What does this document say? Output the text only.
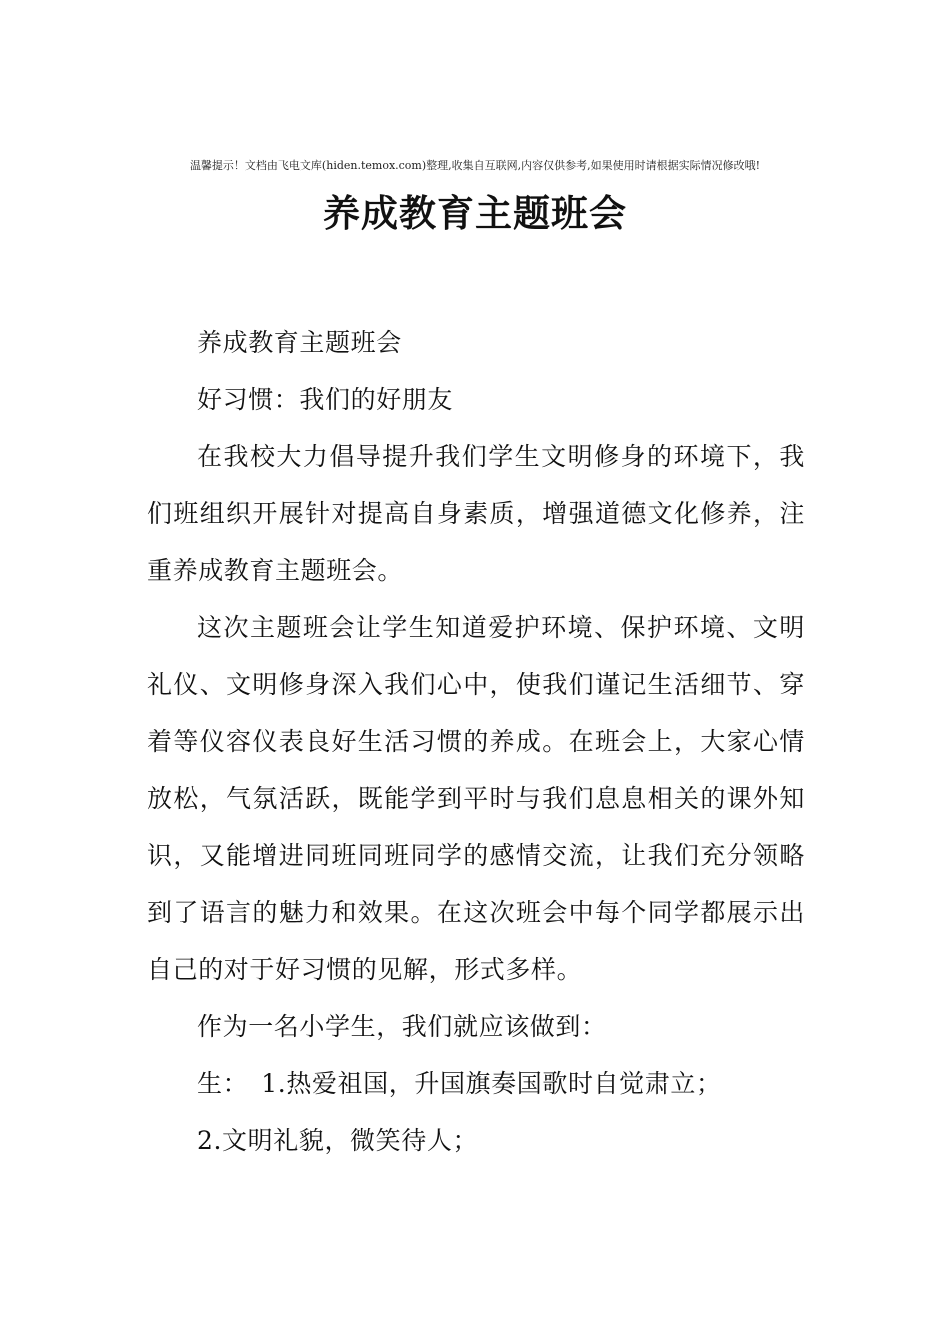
温馨提示！文档由飞电文库(hiden.temox.com)整理,收集自互联网,内容仅供参考,如果使用时请根据实际情况修改哦!
养成教育主题班会

养成教育主题班会

好习惯：我们的好朋友

在我校大力倡导提升我们学生文明修身的环境下，我们班组织开展针对提高自身素质，增强道德文化修养，注重养成教育主题班会。

这次主题班会让学生知道爱护环境、保护环境、文明礼仪、文明修身深入我们心中，使我们谨记生活细节、穿着等仪容仪表良好生活习惯的养成。在班会上，大家心情放松，气氛活跃，既能学到平时与我们息息相关的课外知识，又能增进同班同班同学的感情交流，让我们充分领略到了语言的魅力和效果。在这次班会中每个同学都展示出自己的对于好习惯的见解，形式多样。

作为一名小学生，我们就应该做到：

生：　1.热爱祖国，升国旗奏国歌时自觉肃立；

2.文明礼貌，微笑待人；
